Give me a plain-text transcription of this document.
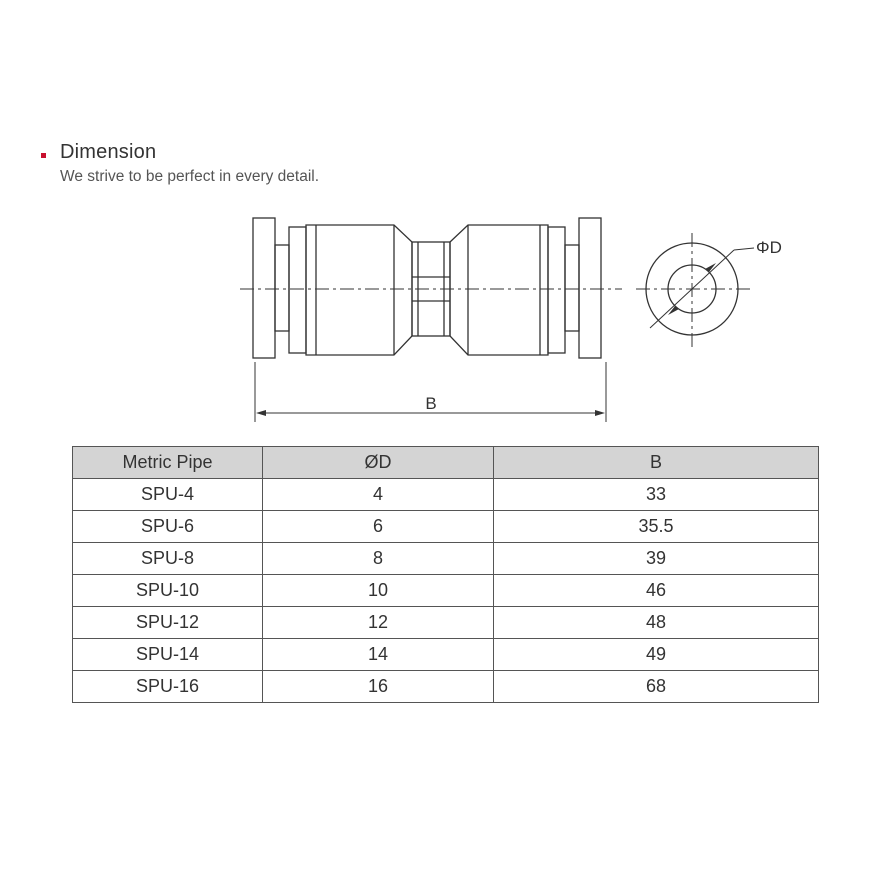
Dimension
We strive to be perfect in every detail.
B
ΦD
Metric Pipe	ØD	B
SPU-4	4	33
SPU-6	6	35.5
SPU-8	8	39
SPU-10	10	46
SPU-12	12	48
SPU-14	14	49
SPU-16	16	68
